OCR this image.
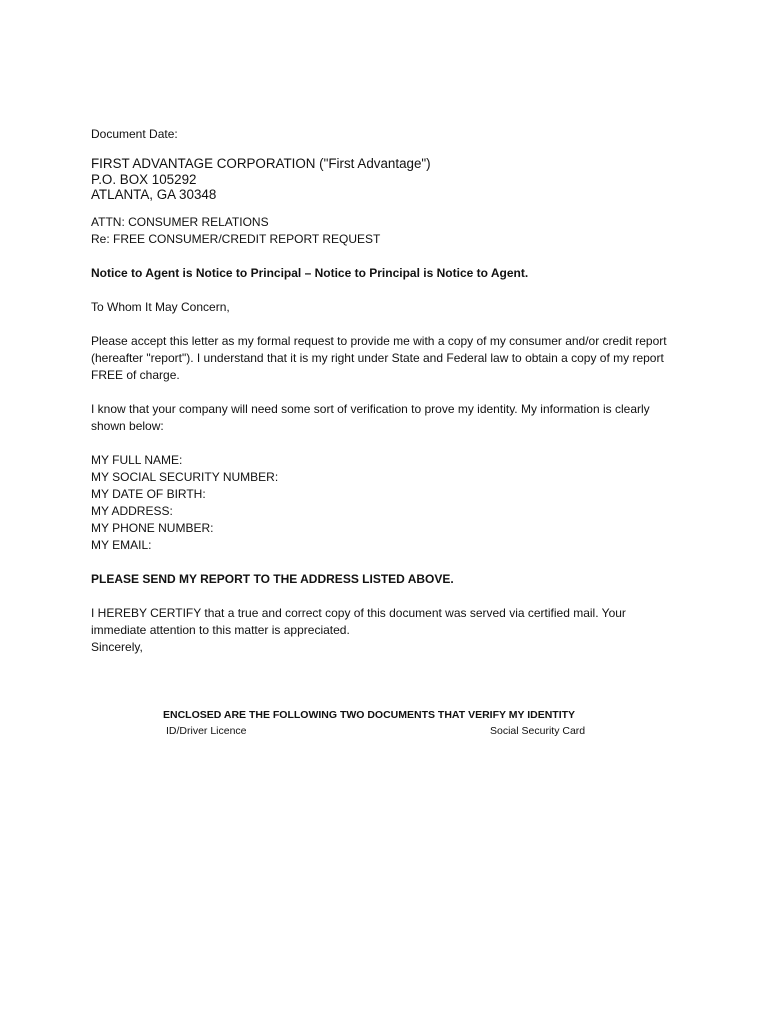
Document Date:
FIRST ADVANTAGE CORPORATION ("First Advantage")
P.O. BOX 105292
ATLANTA, GA 30348
ATTN: CONSUMER RELATIONS
Re: FREE CONSUMER/CREDIT REPORT REQUEST
Notice to Agent is Notice to Principal – Notice to Principal is Notice to Agent.
To Whom It May Concern,
Please accept this letter as my formal request to provide me with a copy of my consumer and/or credit report
(hereafter "report"). I understand that it is my right under State and Federal law to obtain a copy of my report
FREE of charge.
I know that your company will need some sort of verification to prove my identity. My information is clearly
shown below:
MY FULL NAME:
MY SOCIAL SECURITY NUMBER:
MY DATE OF BIRTH:
MY ADDRESS:
MY PHONE NUMBER:
MY EMAIL:
PLEASE SEND MY REPORT TO THE ADDRESS LISTED ABOVE.
I HEREBY CERTIFY that a true and correct copy of this document was served via certified mail. Your
immediate attention to this matter is appreciated.
Sincerely,
ENCLOSED ARE THE FOLLOWING TWO DOCUMENTS THAT VERIFY MY IDENTITY
ID/Driver Licence	Social Security Card
